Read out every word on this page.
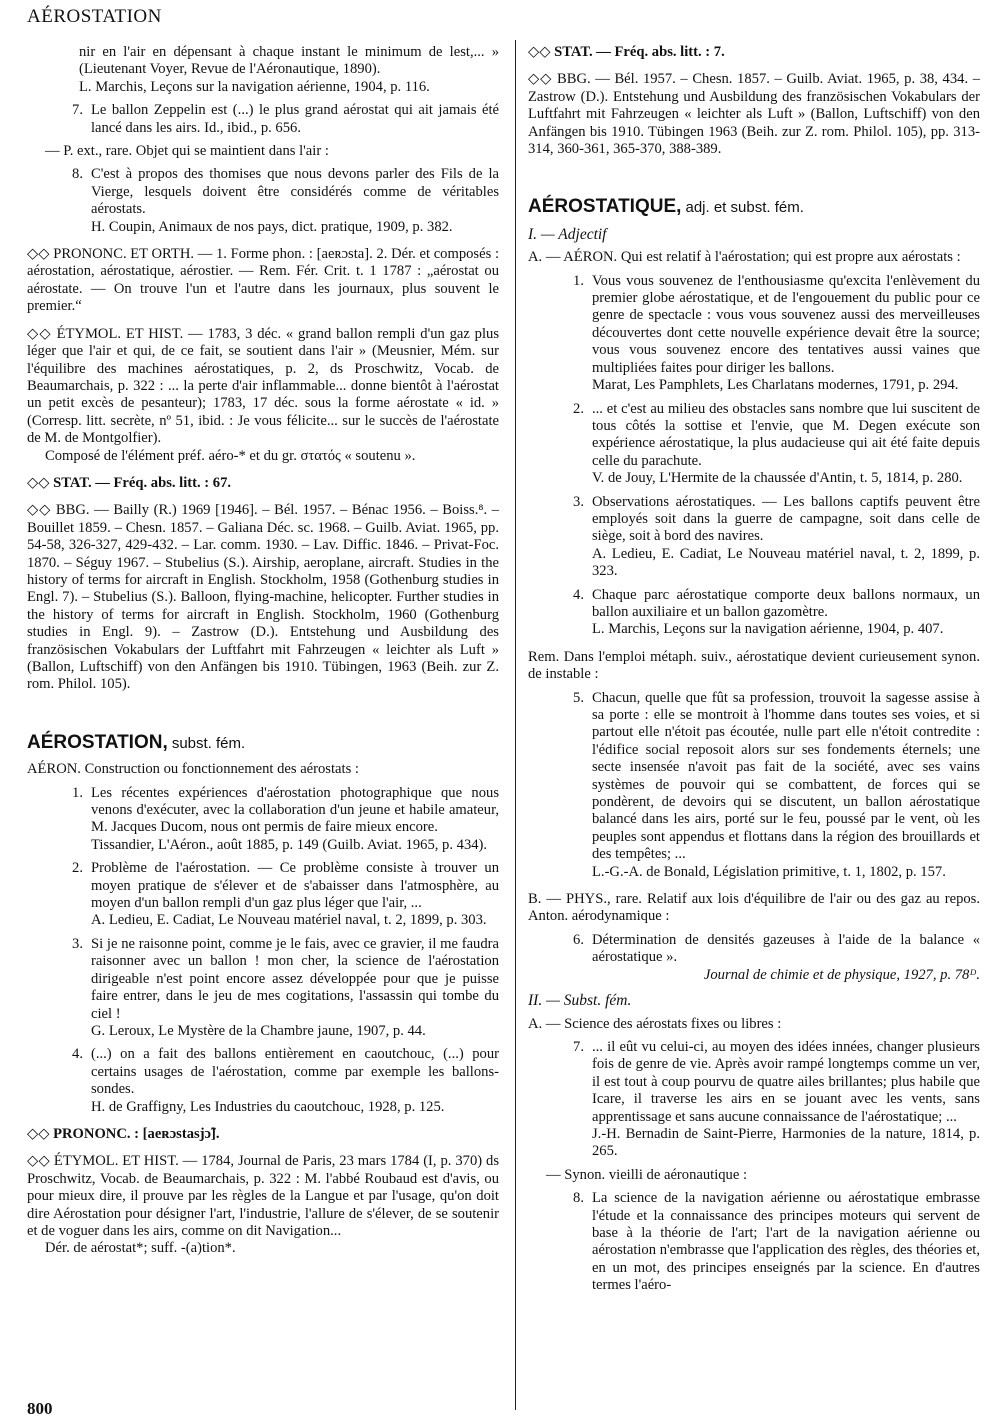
AÉROSTATION

nir en l'air en dépensant à chaque instant le minimum de lest,... » (Lieutenant Voyer, Revue de l'Aéronautique, 1890).

L. Marchis, Leçons sur la navigation aérienne, 1904, p. 116.

7. Le ballon Zeppelin est (...) le plus grand aérostat qui ait jamais été lancé dans les airs. Id., ibid., p. 656.

— P. ext., rare. Objet qui se maintient dans l'air :

8. C'est à propos des thomises que nous devons parler des Fils de la Vierge, lesquels doivent être considérés comme de véritables aérostats.
H. Coupin, Animaux de nos pays, dict. pratique, 1909, p. 382.

◇◇ PRONONC. ET ORTH. — 1. Forme phon. : [aeʀɔsta]. 2. Dér. et composés : aérostation, aérostatique, aérostier. — Rem. Fér. Crit. t. 1 1787 : „aérostat ou aérostate. — On trouve l'un et l'autre dans les journaux, plus souvent le premier.“

◇◇ ÉTYMOL. ET HIST. — 1783, 3 déc. « grand ballon rempli d'un gaz plus léger que l'air et qui, de ce fait, se soutient dans l'air » (Meusnier, Mém. sur l'équilibre des machines aérostatiques, p. 2, ds Proschwitz, Vocab. de Beaumarchais, p. 322 : ... la perte d'air inflammable... donne bientôt à l'aérostat un petit excès de pesanteur); 1783, 17 déc. sous la forme aérostate « id. » (Corresp. litt. secrète, nº 51, ibid. : Je vous félicite... sur le succès de l'aérostate de M. de Montgolfier).

Composé de l'élément préf. aéro-* et du gr. στατός « soutenu ».

◇◇ STAT. — Fréq. abs. litt. : 67.

◇◇ BBG. — Bailly (R.) 1969 [1946]. – Bél. 1957. – Bénac 1956. – Boiss.⁸. – Bouillet 1859. – Chesn. 1857. – Galiana Déc. sc. 1968. – Guilb. Aviat. 1965, pp. 54-58, 326-327, 429-432. – Lar. comm. 1930. – Lav. Diffic. 1846. – Privat-Foc. 1870. – Séguy 1967. – Stubelius (S.). Airship, aeroplane, aircraft. Studies in the history of terms for aircraft in English. Stockholm, 1958 (Gothenburg studies in Engl. 7). – Stubelius (S.). Balloon, flying-machine, helicopter. Further studies in the history of terms for aircraft in English. Stockholm, 1960 (Gothenburg studies in Engl. 9). – Zastrow (D.). Entstehung und Ausbildung des französischen Vokabulars der Luftfahrt mit Fahrzeugen « leichter als Luft » (Ballon, Luftschiff) von den Anfängen bis 1910. Tübingen, 1963 (Beih. zur Z. rom. Philol. 105).

AÉROSTATION, subst. fém.

AÉRON. Construction ou fonctionnement des aérostats :

1. Les récentes expériences d'aérostation photographique que nous venons d'exécuter, avec la collaboration d'un jeune et habile amateur, M. Jacques Ducom, nous ont permis de faire mieux encore.
Tissandier, L'Aéron., août 1885, p. 149 (Guilb. Aviat. 1965, p. 434).
2. Problème de l'aérostation. — Ce problème consiste à trouver un moyen pratique de s'élever et de s'abaisser dans l'atmosphère, au moyen d'un ballon rempli d'un gaz plus léger que l'air, ...
A. Ledieu, E. Cadiat, Le Nouveau matériel naval, t. 2, 1899, p. 303.
3. Si je ne raisonne point, comme je le fais, avec ce gravier, il me faudra raisonner avec un ballon ! mon cher, la science de l'aérostation dirigeable n'est point encore assez développée pour que je puisse faire entrer, dans le jeu de mes cogitations, l'assassin qui tombe du ciel !
G. Leroux, Le Mystère de la Chambre jaune, 1907, p. 44.
4. (...) on a fait des ballons entièrement en caoutchouc, (...) pour certains usages de l'aérostation, comme par exemple les ballons-sondes.
H. de Graffigny, Les Industries du caoutchouc, 1928, p. 125.

◇◇ PRONONC. : [aeʀɔstasjɔ̃].

◇◇ ÉTYMOL. ET HIST. — 1784, Journal de Paris, 23 mars 1784 (I, p. 370) ds Proschwitz, Vocab. de Beaumarchais, p. 322 : M. l'abbé Roubaud est d'avis, ou pour mieux dire, il prouve par les règles de la Langue et par l'usage, qu'on doit dire Aérostation pour désigner l'art, l'industrie, l'allure de s'élever, de se soutenir et de voguer dans les airs, comme on dit Navigation...

Dér. de aérostat*; suff. -(a)tion*.

◇◇ STAT. — Fréq. abs. litt. : 7.

◇◇ BBG. — Bél. 1957. – Chesn. 1857. – Guilb. Aviat. 1965, p. 38, 434. – Zastrow (D.). Entstehung und Ausbildung des französischen Vokabulars der Luftfahrt mit Fahrzeugen « leichter als Luft » (Ballon, Luftschiff) von den Anfängen bis 1910. Tübingen 1963 (Beih. zur Z. rom. Philol. 105), pp. 313-314, 360-361, 365-370, 388-389.

AÉROSTATIQUE, adj. et subst. fém.

I. — Adjectif

A. — AÉRON. Qui est relatif à l'aérostation; qui est propre aux aérostats :

1. Vous vous souvenez de l'enthousiasme qu'excita l'enlèvement du premier globe aérostatique, et de l'engouement du public pour ce genre de spectacle : vous vous souvenez aussi des merveilleuses découvertes dont cette nouvelle expérience devait être la source; vous vous souvenez encore des tentatives aussi vaines que multipliées faites pour diriger les ballons.
Marat, Les Pamphlets, Les Charlatans modernes, 1791, p. 294.
2. ... et c'est au milieu des obstacles sans nombre que lui suscitent de tous côtés la sottise et l'envie, que M. Degen exécute son expérience aérostatique, la plus audacieuse qui ait été faite depuis celle du parachute.
V. de Jouy, L'Hermite de la chaussée d'Antin, t. 5, 1814, p. 280.
3. Observations aérostatiques. — Les ballons captifs peuvent être employés soit dans la guerre de campagne, soit dans celle de siège, soit à bord des navires.
A. Ledieu, E. Cadiat, Le Nouveau matériel naval, t. 2, 1899, p. 323.
4. Chaque parc aérostatique comporte deux ballons normaux, un ballon auxiliaire et un ballon gazomètre.
L. Marchis, Leçons sur la navigation aérienne, 1904, p. 407.

Rem. Dans l'emploi métaph. suiv., aérostatique devient curieusement synon. de instable :

5. Chacun, quelle que fût sa profession, trouvoit la sagesse assise à sa porte : elle se montroit à l'homme dans toutes ses voies, et si partout elle n'étoit pas écoutée, nulle part elle n'étoit contredite : l'édifice social reposoit alors sur ses fondements éternels; une secte insensée n'avoit pas fait de la société, avec ses vains systèmes de pouvoir qui se combattent, de forces qui se pondèrent, de devoirs qui se discutent, un ballon aérostatique balancé dans les airs, porté sur le feu, poussé par le vent, où les peuples sont appendus et flottans dans la région des brouillards et des tempêtes; ...
L.-G.-A. de Bonald, Législation primitive, t. 1, 1802, p. 157.

B. — PHYS., rare. Relatif aux lois d'équilibre de l'air ou des gaz au repos. Anton. aérodynamique :

6. Détermination de densités gazeuses à l'aide de la balance « aérostatique ».
Journal de chimie et de physique, 1927, p. 78ᴰ.

II. — Subst. fém.

A. — Science des aérostats fixes ou libres :

7. ... il eût vu celui-ci, au moyen des idées innées, changer plusieurs fois de genre de vie. Après avoir rampé longtemps comme un ver, il est tout à coup pourvu de quatre ailes brillantes; plus habile que Icare, il traverse les airs en se jouant avec les vents, sans apprentissage et sans aucune connaissance de l'aérostatique; ...
J.-H. Bernadin de Saint-Pierre, Harmonies de la nature, 1814, p. 265.

— Synon. vieilli de aéronautique :

8. La science de la navigation aérienne ou aérostatique embrasse l'étude et la connaissance des principes moteurs qui servent de base à la théorie de l'art; l'art de la navigation aérienne ou aérostation n'embrasse que l'application des règles, des théories et, en un mot, des principes enseignés par la science. En d'autres termes l'aéro-
800
